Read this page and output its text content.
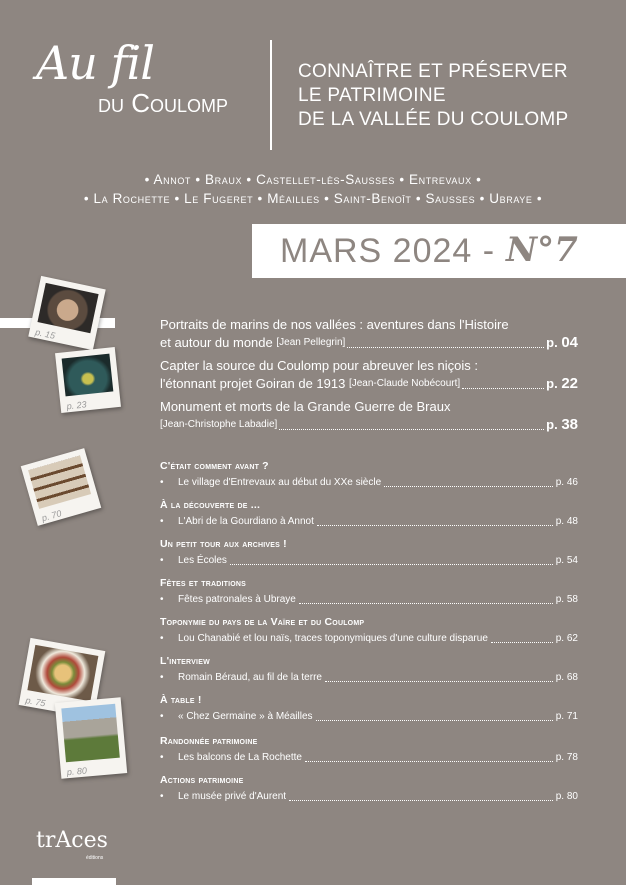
Au fil
du Coulomp
CONNAÎTRE ET PRÉSERVER
LE PATRIMOINE
DE LA VALLÉE DU COULOMP
• Annot • Braux • Castellet-lès-Sausses • Entrevaux •
• La Rochette • Le Fugeret • Méailles • Saint-Benoît • Sausses • Ubraye •
MARS 2024 - N°7
p. 15
p. 23
p. 70
p. 75
p. 80
Portraits de marins de nos vallées : aventures dans l'Histoire
et autour du monde
[Jean Pellegrin]	p. 04
Capter la source du Coulomp pour abreuver les niçois :
l'étonnant projet Goiran de 1913
[Jean-Claude Nobécourt]	p. 22
Monument et morts de la Grande Guerre de Braux
[Jean-Christophe Labadie]	p. 38
C'était comment avant ?
•	Le village d'Entrevaux au début du XXe siècle	p. 46
À la découverte de ...
•	L'Abri de la Gourdiano à Annot	p. 48
Un petit tour aux archives !
•	Les Écoles	p. 54
Fêtes et traditions
•	Fêtes patronales à Ubraye	p. 58
Toponymie du pays de la Vaïre et du Coulomp
•	Lou Chanabié et lou naïs, traces toponymiques d'une culture disparue	p. 62
L'interview
•	Romain Béraud, au fil de la terre	p. 68
À table !
•	« Chez Germaine » à Méailles	p. 71
Randonnée patrimoine
•	Les balcons de La Rochette	p. 78
Actions patrimoine
•	Le musée privé d'Aurent	p. 80
trAces
éditions
